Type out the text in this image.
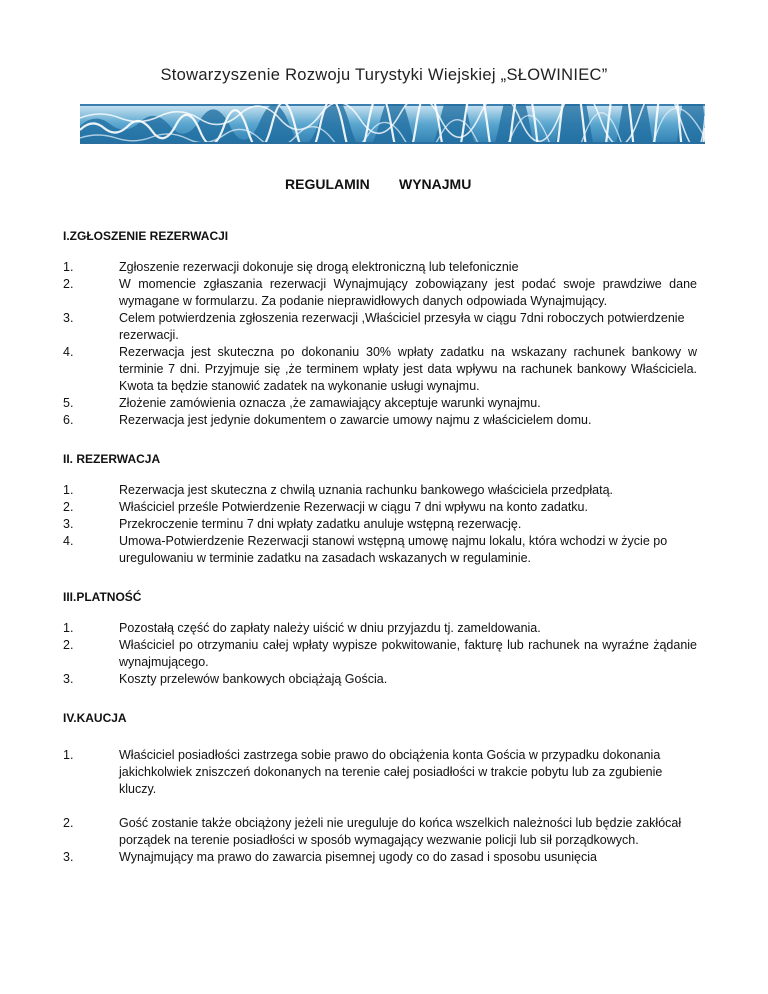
Stowarzyszenie Rozwoju Turystyki Wiejskiej „SŁOWINIEC”
REGULAMIN WYNAJMU
I.ZGŁOSZENIE REZERWACJI
1.	Zgłoszenie rezerwacji dokonuje się drogą elektroniczną lub telefonicznie
2.	W momencie zgłaszania rezerwacji Wynajmujący zobowiązany jest podać swoje prawdziwe dane wymagane w formularzu. Za podanie nieprawidłowych danych odpowiada Wynajmujący.
3.	Celem potwierdzenia zgłoszenia rezerwacji ,Właściciel przesyła w ciągu 7dni roboczych potwierdzenie rezerwacji.
4.	Rezerwacja jest skuteczna po dokonaniu 30% wpłaty zadatku na wskazany rachunek bankowy w terminie 7 dni. Przyjmuje się ,że terminem wpłaty jest data wpływu na rachunek bankowy Właściciela. Kwota ta będzie stanowić zadatek na wykonanie usługi wynajmu.
5.	Złożenie zamówienia oznacza ,że zamawiający akceptuje warunki wynajmu.
6.	Rezerwacja jest jedynie dokumentem o zawarcie umowy najmu z właścicielem domu.
II. REZERWACJA
1.	Rezerwacja jest skuteczna z chwilą uznania rachunku bankowego właściciela przedpłatą.
2.	Właściciel prześle Potwierdzenie Rezerwacji w ciągu 7 dni wpływu na konto zadatku.
3.	Przekroczenie terminu 7 dni wpłaty zadatku anuluje wstępną rezerwację.
4.	Umowa-Potwierdzenie Rezerwacji stanowi wstępną umowę najmu lokalu, która wchodzi w życie po uregulowaniu w terminie zadatku na zasadach wskazanych w regulaminie.
III.PLATNOŚĆ
1.	Pozostałą część do zapłaty należy uiścić w dniu przyjazdu tj. zameldowania.
2.	Właściciel po otrzymaniu całej wpłaty wypisze pokwitowanie, fakturę lub rachunek na wyraźne żądanie wynajmującego.
3.	Koszty przelewów bankowych obciążają Gościa.
IV.KAUCJA
1.	Właściciel posiadłości zastrzega sobie prawo do obciążenia konta Gościa w przypadku dokonania jakichkolwiek zniszczeń dokonanych na terenie całej posiadłości w trakcie pobytu lub za zgubienie kluczy.
2.	Gość zostanie także obciążony jeżeli nie ureguluje do końca wszelkich należności lub będzie zakłócał porządek na terenie posiadłości w sposób wymagający wezwanie policji lub sił porządkowych.
3.	Wynajmujący ma prawo do zawarcia pisemnej ugody co do zasad i sposobu usunięcia
